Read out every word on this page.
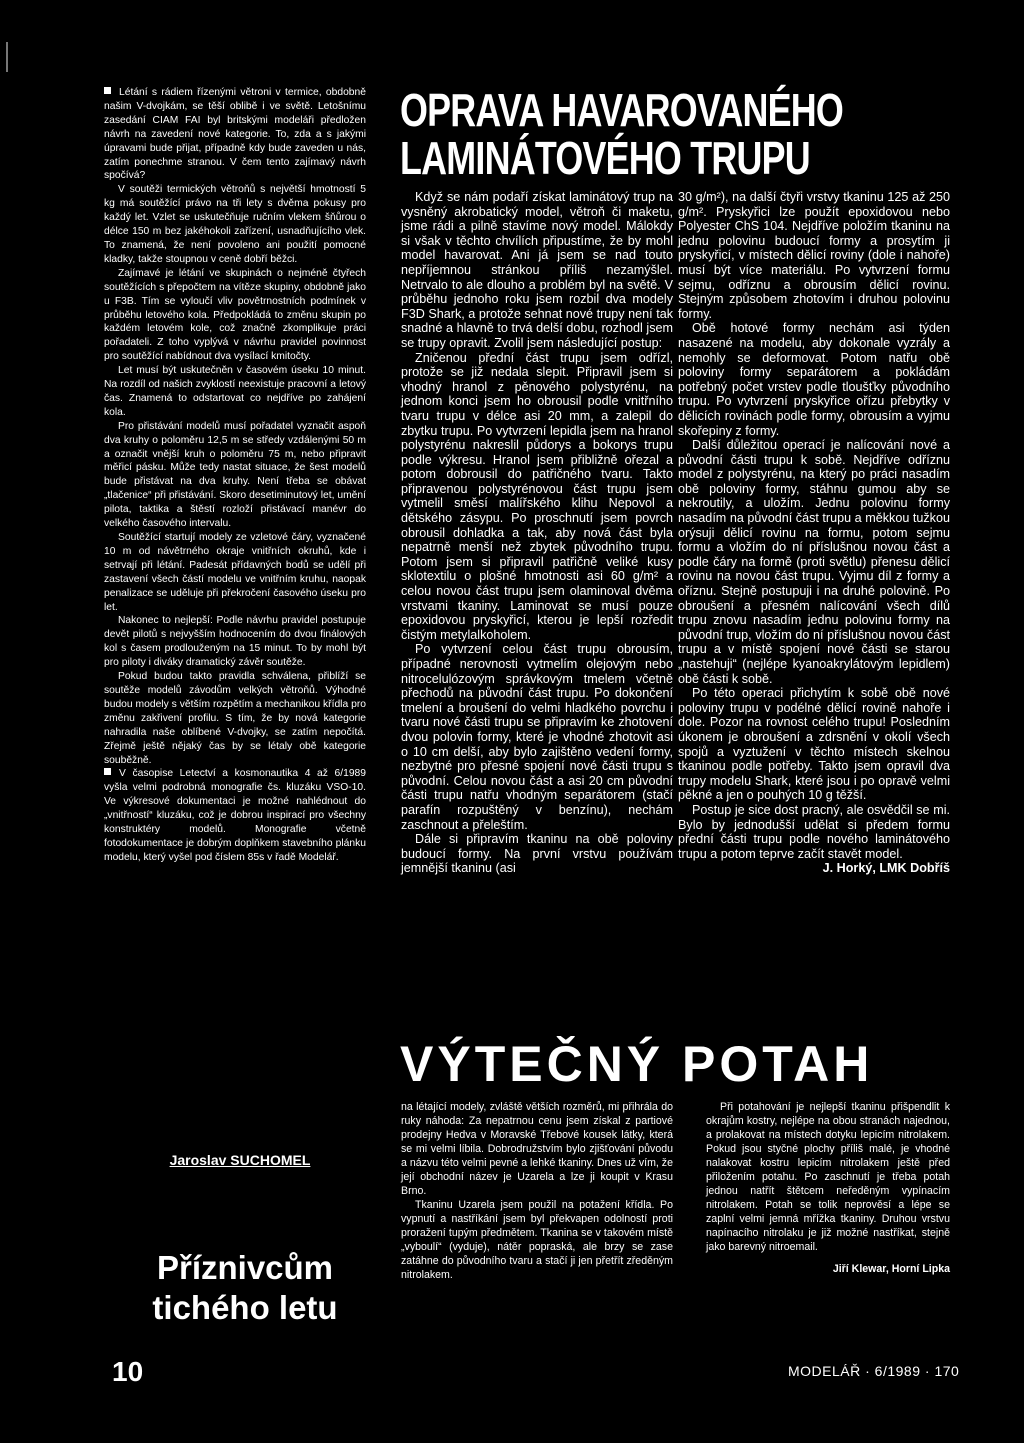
Létání s rádiem řízenými větroni v termice, obdobně našim V-dvojkám, se těší oblibě i ve světě. Letošnímu zasedání CIAM FAI byl britskými modeláři předložen návrh na zavedení nové kategorie. To, zda a s jakými úpravami bude přijat, případně kdy bude zaveden u nás, zatím ponechme stranou. V čem tento zajímavý návrh spočívá?

V soutěži termických větroňů s největší hmotností 5 kg má soutěžící právo na tři lety s dvěma pokusy pro každý let. Vzlet se uskutečňuje ručním vlekem šňůrou o délce 150 m bez jakéhokoli zařízení, usnadňujícího vlek. To znamená, že není povoleno ani použití pomocné kladky, takže stoupnou v ceně dobří běžci.

Zajímavé je létání ve skupinách o nejméně čtyřech soutěžících s přepočtem na vítěze skupiny, obdobně jako u F3B. Tím se vyloučí vliv povětrnostních podmínek v průběhu letového kola. Předpokládá to změnu skupin po každém letovém kole, což značně zkomplikuje práci pořadateli. Z toho vyplývá v návrhu pravidel povinnost pro soutěžící nabídnout dva vysílací kmitočty.

Let musí být uskutečněn v časovém úseku 10 minut. Na rozdíl od našich zvyklostí neexistuje pracovní a letový čas. Znamená to odstartovat co nejdříve po zahájení kola.

Pro přistávání modelů musí pořadatel vyznačit aspoň dva kruhy o poloměru 12,5 m se středy vzdálenými 50 m a označit vnější kruh o poloměru 75 m, nebo připravit měřicí pásku. Může tedy nastat situace, že šest modelů bude přistávat na dva kruhy. Není třeba se obávat „tlačenice“ při přistávání. Skoro desetiminutový let, umění pilota, taktika a štěstí rozloží přistávací manévr do velkého časového intervalu.

Soutěžící startují modely ze vzletové čáry, vyznačené 10 m od návětrného okraje vnitřních okruhů, kde i setrvají při létání. Padesát přídavných bodů se udělí při zastavení všech částí modelu ve vnitřním kruhu, naopak penalizace se uděluje při překročení časového úseku pro let.

Nakonec to nejlepší: Podle návrhu pravidel postupuje devět pilotů s nejvyšším hodnocením do dvou finálových kol s časem prodlouženým na 15 minut. To by mohl být pro piloty i diváky dramatický závěr soutěže.

Pokud budou takto pravidla schválena, přiblíží se soutěže modelů závodům velkých větroňů. Výhodné budou modely s větším rozpětím a mechanikou křídla pro změnu zakřivení profilu. S tím, že by nová kategorie nahradila naše oblíbené V-dvojky, se zatím nepočítá. Zřejmě ještě nějaký čas by se létaly obě kategorie souběžně.

V časopise Letectví a kosmonautika 4 až 6/1989 vyšla velmi podrobná monografie čs. kluzáku VSO-10. Ve výkresové dokumentaci je možné nahlédnout do „vnitřností“ kluzáku, což je dobrou inspirací pro všechny konstruktéry modelů. Monografie včetně fotodokumentace je dobrým doplňkem stavebního plánku modelu, který vyšel pod číslem 85s v řadě Modelář.

Jaroslav SUCHOMEL
Příznivcům tichého letu
OPRAVA HAVAROVANÉHO
LAMINÁTOVÉHO TRUPU

Když se nám podaří získat laminátový trup na vysněný akrobatický model, větroň či maketu, jsme rádi a pilně stavíme nový model. Málokdy si však v těchto chvílích připustíme, že by mohl model havarovat. Ani já jsem se nad touto nepříjemnou stránkou příliš nezamýšlel. Netrvalo to ale dlouho a problém byl na světě. V průběhu jednoho roku jsem rozbil dva modely F3D Shark, a protože sehnat nové trupy není tak snadné a hlavně to trvá delší dobu, rozhodl jsem se trupy opravit. Zvolil jsem následující postup:

Zničenou přední část trupu jsem odřízl, protože se již nedala slepit. Připravil jsem si vhodný hranol z pěnového polystyrénu, na jednom konci jsem ho obrousil podle vnitřního tvaru trupu v délce asi 20 mm, a zalepil do zbytku trupu. Po vytvrzení lepidla jsem na hranol polystyrénu nakreslil půdorys a bokorys trupu podle výkresu. Hranol jsem přibližně ořezal a potom dobrousil do patřičného tvaru. Takto připravenou polystyrénovou část trupu jsem vytmelil směsí malířského klihu Nepovol a dětského zásypu. Po proschnutí jsem povrch obrousil dohladka a tak, aby nová část byla nepatrně menší než zbytek původního trupu. Potom jsem si připravil patřičně veliké kusy sklotextilu o plošné hmotnosti asi 60 g/m² a celou novou část trupu jsem olaminoval dvěma vrstvami tkaniny. Laminovat se musí pouze epoxidovou pryskyřicí, kterou je lepší rozředit čistým metylalkoholem.

Po vytvrzení celou část trupu obrousím, případné nerovnosti vytmelím olejovým nebo nitrocelulózovým správkovým tmelem včetně přechodů na původní část trupu. Po dokončení tmelení a broušení do velmi hladkého povrchu i tvaru nové části trupu se připravím ke zhotovení dvou polovin formy, které je vhodné zhotovit asi o 10 cm delší, aby bylo zajištěno vedení formy, nezbytné pro přesné spojení nové části trupu s původní. Celou novou část a asi 20 cm původní části trupu natřu vhodným separátorem (stačí parafín rozpuštěný v benzínu), nechám zaschnout a přeleštím.

Dále si připravím tkaninu na obě poloviny budoucí formy. Na první vrstvu používám jemnější tkaninu (asi

30 g/m²), na další čtyři vrstvy tkaninu 125 až 250 g/m². Pryskyřici lze použít epoxidovou nebo Polyester ChS 104. Nejdříve položím tkaninu na jednu polovinu budoucí formy a prosytím ji pryskyřicí, v místech dělicí roviny (dole i nahoře) musí být více materiálu. Po vytvrzení formu sejmu, odříznu a obrousím dělicí rovinu. Stejným způsobem zhotovím i druhou polovinu formy.

Obě hotové formy nechám asi týden nasazené na modelu, aby dokonale vyzrály a nemohly se deformovat. Potom natřu obě poloviny formy separátorem a pokládám potřebný počet vrstev podle tloušťky původního trupu. Po vytvrzení pryskyřice ořízu přebytky v dělicích rovinách podle formy, obrousím a vyjmu skořepiny z formy.

Další důležitou operací je nalícování nové a původní části trupu k sobě. Nejdříve odříznu model z polystyrénu, na který po práci nasadím obě poloviny formy, stáhnu gumou aby se nekroutily, a uložím. Jednu polovinu formy nasadím na původní část trupu a měkkou tužkou orýsuji dělicí rovinu na formu, potom sejmu formu a vložím do ní příslušnou novou část a podle čáry na formě (proti světlu) přenesu dělicí rovinu na novou část trupu. Vyjmu díl z formy a oříznu. Stejně postupuji i na druhé polovině. Po obroušení a přesném nalícování všech dílů trupu znovu nasadím jednu polovinu formy na původní trup, vložím do ní příslušnou novou část trupu a v místě spojení nové části se starou „nastehuji“ (nejlépe kyanoakrylátovým lepidlem) obě části k sobě.

Po této operaci přichytím k sobě obě nové poloviny trupu v podélné dělicí rovině nahoře i dole. Pozor na rovnost celého trupu! Posledním úkonem je obroušení a zdrsnění v okolí všech spojů a vyztužení v těchto místech skelnou tkaninou podle potřeby. Takto jsem opravil dva trupy modelu Shark, které jsou i po opravě velmi pěkné a jen o pouhých 10 g těžší.

Postup je sice dost pracný, ale osvědčil se mi. Bylo by jednodušší udělat si předem formu přední části trupu podle nového laminátového trupu a potom teprve začít stavět model.

J. Horký, LMK Dobříš

VÝTEČNÝ POTAH

na létající modely, zvláště větších rozměrů, mi přihrála do ruky náhoda: Za nepatrnou cenu jsem získal z partiové prodejny Hedva v Moravské Třebové kousek látky, která se mi velmi líbila. Dobrodružstvím bylo zjišťování původu a názvu této velmi pevné a lehké tkaniny. Dnes už vím, že její obchodní název je Uzarela a lze ji koupit v Krasu Brno.

Tkaninu Uzarela jsem použil na potažení křídla. Po vypnutí a nastříkání jsem byl překvapen odolností proti proražení tupým předmětem. Tkanina se v takovém místě „vyboulí“ (vyduje), nátěr popraská, ale brzy se zase zatáhne do původního tvaru a stačí ji jen přetřít zředěným nitrolakem.

Při potahování je nejlepší tkaninu přišpendlit k okrajům kostry, nejlépe na obou stranách najednou, a prolakovat na místech dotyku lepicím nitrolakem. Pokud jsou styčné plochy příliš malé, je vhodné nalakovat kostru lepicím nitrolakem ještě před přiložením potahu. Po zaschnutí je třeba potah jednou natřít štětcem neředěným vypínacím nitrolakem. Potah se tolik neprověsí a lépe se zaplní velmi jemná mřížka tkaniny. Druhou vrstvu napínacího nitrolaku je již možné nastříkat, stejně jako barevný nitroemail.

Jiří Klewar, Horní Lipka

10	MODELÁŘ · 6/1989 · 170
